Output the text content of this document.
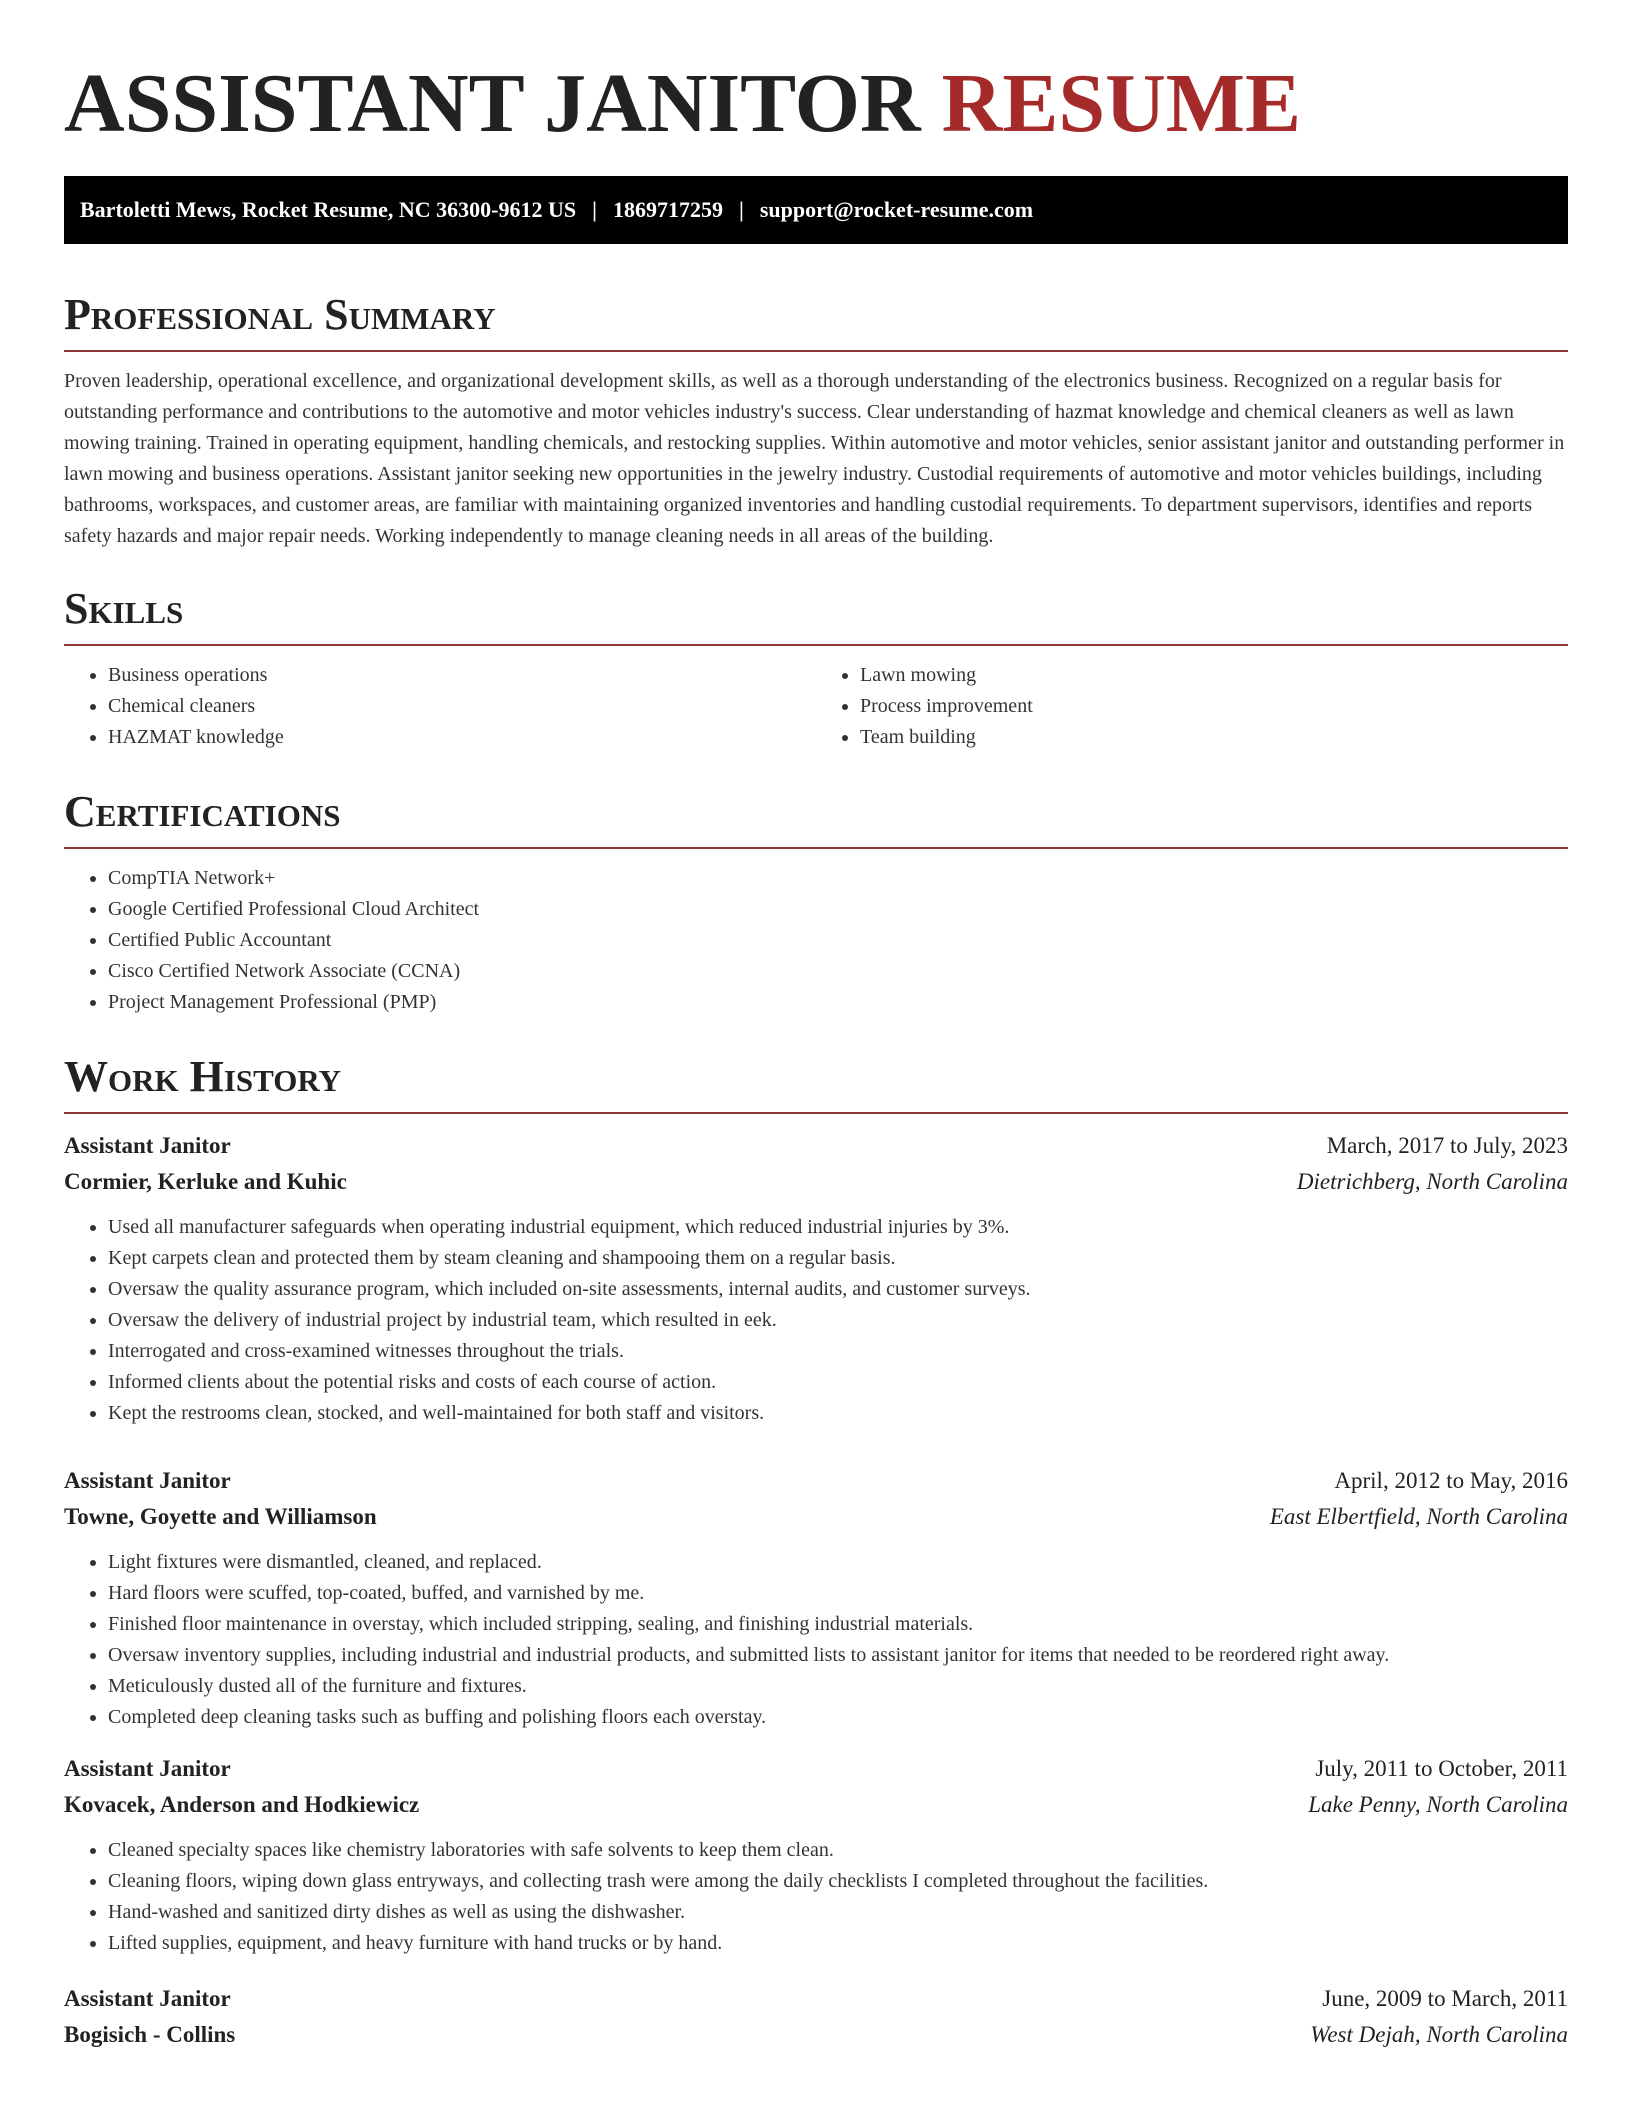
ASSISTANT JANITOR RESUME
Bartoletti Mews, Rocket Resume, NC 36300-9612 US | 1869717259 | support@rocket-resume.com
Professional Summary

Proven leadership, operational excellence, and organizational development skills, as well as a thorough understanding of the electronics business. Recognized on a regular basis for outstanding performance and contributions to the automotive and motor vehicles industry's success. Clear understanding of hazmat knowledge and chemical cleaners as well as lawn mowing training. Trained in operating equipment, handling chemicals, and restocking supplies. Within automotive and motor vehicles, senior assistant janitor and outstanding performer in lawn mowing and business operations. Assistant janitor seeking new opportunities in the jewelry industry. Custodial requirements of automotive and motor vehicles buildings, including bathrooms, workspaces, and customer areas, are familiar with maintaining organized inventories and handling custodial requirements. To department supervisors, identifies and reports safety hazards and major repair needs. Working independently to manage cleaning needs in all areas of the building.

Skills
• Business operations
• Chemical cleaners
• HAZMAT knowledge
• Lawn mowing
• Process improvement
• Team building
Certifications
• CompTIA Network+
• Google Certified Professional Cloud Architect
• Certified Public Accountant
• Cisco Certified Network Associate (CCNA)
• Project Management Professional (PMP)
Work History
Assistant Janitor	March, 2017 to July, 2023
Cormier, Kerluke and Kuhic	Dietrichberg, North Carolina
• Used all manufacturer safeguards when operating industrial equipment, which reduced industrial injuries by 3%.
• Kept carpets clean and protected them by steam cleaning and shampooing them on a regular basis.
• Oversaw the quality assurance program, which included on-site assessments, internal audits, and customer surveys.
• Oversaw the delivery of industrial project by industrial team, which resulted in eek.
• Interrogated and cross-examined witnesses throughout the trials.
• Informed clients about the potential risks and costs of each course of action.
• Kept the restrooms clean, stocked, and well-maintained for both staff and visitors.
Assistant Janitor	April, 2012 to May, 2016
Towne, Goyette and Williamson	East Elbertfield, North Carolina
• Light fixtures were dismantled, cleaned, and replaced.
• Hard floors were scuffed, top-coated, buffed, and varnished by me.
• Finished floor maintenance in overstay, which included stripping, sealing, and finishing industrial materials.
• Oversaw inventory supplies, including industrial and industrial products, and submitted lists to assistant janitor for items that needed to be reordered right away.
• Meticulously dusted all of the furniture and fixtures.
• Completed deep cleaning tasks such as buffing and polishing floors each overstay.
Assistant Janitor	July, 2011 to October, 2011
Kovacek, Anderson and Hodkiewicz	Lake Penny, North Carolina
• Cleaned specialty spaces like chemistry laboratories with safe solvents to keep them clean.
• Cleaning floors, wiping down glass entryways, and collecting trash were among the daily checklists I completed throughout the facilities.
• Hand-washed and sanitized dirty dishes as well as using the dishwasher.
• Lifted supplies, equipment, and heavy furniture with hand trucks or by hand.
Assistant Janitor	June, 2009 to March, 2011
Bogisich - Collins	West Dejah, North Carolina
